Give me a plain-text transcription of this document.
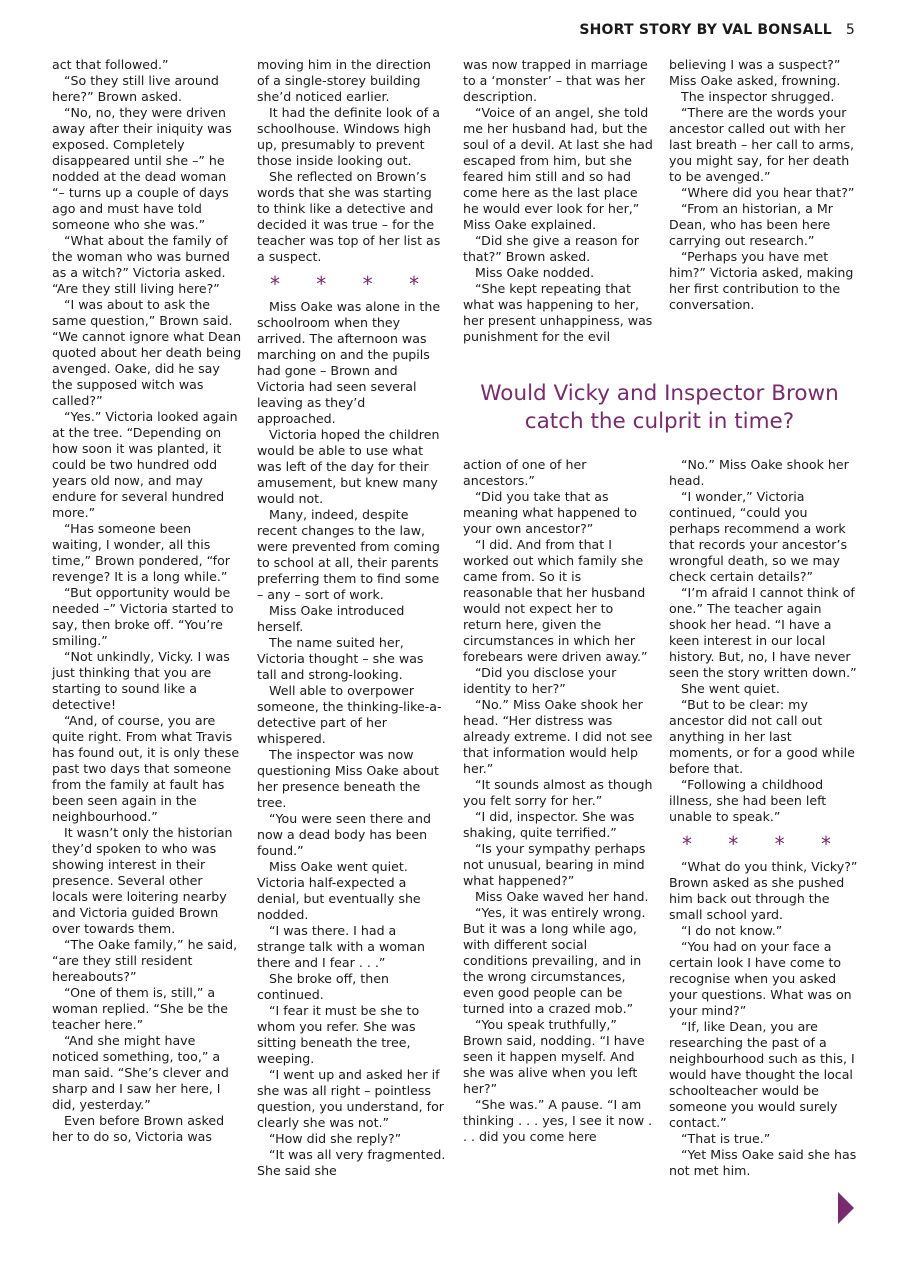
SHORT STORY BY VAL BONSALL 5

act that followed.”

“So they still live around here?” Brown asked.

“No, no, they were driven away after their iniquity was exposed. Completely disappeared until she –” he nodded at the dead woman “– turns up a couple of days ago and must have told someone who she was.”

“What about the family of the woman who was burned as a witch?” Victoria asked. “Are they still living here?”

“I was about to ask the same question,” Brown said. “We cannot ignore what Dean quoted about her death being avenged. Oake, did he say the supposed witch was called?”

“Yes.” Victoria looked again at the tree. “Depending on how soon it was planted, it could be two hundred odd years old now, and may endure for several hundred more.”

“Has someone been waiting, I wonder, all this time,” Brown pondered, “for revenge? It is a long while.”

“But opportunity would be needed –” Victoria started to say, then broke off. “You’re smiling.”

“Not unkindly, Vicky. I was just thinking that you are starting to sound like a detective!

“And, of course, you are quite right. From what Travis has found out, it is only these past two days that someone from the family at fault has been seen again in the neighbourhood.”

It wasn’t only the historian they’d spoken to who was showing interest in their presence. Several other locals were loitering nearby and Victoria guided Brown over towards them.

“The Oake family,” he said, “are they still resident hereabouts?”

“One of them is, still,” a woman replied. “She be the teacher here.”

“And she might have noticed something, too,” a man said. “She’s clever and sharp and I saw her here, I did, yesterday.”

Even before Brown asked her to do so, Victoria was

moving him in the direction of a single-storey building she’d noticed earlier.

It had the definite look of a schoolhouse. Windows high up, presumably to prevent those inside looking out.

She reflected on Brown’s words that she was starting to think like a detective and decided it was true – for the teacher was top of her list as a suspect.

* * * *

Miss Oake was alone in the schoolroom when they arrived. The afternoon was marching on and the pupils had gone – Brown and Victoria had seen several leaving as they’d approached.

Victoria hoped the children would be able to use what was left of the day for their amusement, but knew many would not.

Many, indeed, despite recent changes to the law, were prevented from coming to school at all, their parents preferring them to find some – any – sort of work.

Miss Oake introduced herself.

The name suited her, Victoria thought – she was tall and strong-looking.

Well able to overpower someone, the thinking-like-a-detective part of her whispered.

The inspector was now questioning Miss Oake about her presence beneath the tree.

“You were seen there and now a dead body has been found.”

Miss Oake went quiet. Victoria half-expected a denial, but eventually she nodded.

“I was there. I had a strange talk with a woman there and I fear . . .”

She broke off, then continued.

“I fear it must be she to whom you refer. She was sitting beneath the tree, weeping.

“I went up and asked her if she was all right – pointless question, you understand, for clearly she was not.”

“How did she reply?”

“It was all very fragmented. She said she

was now trapped in marriage to a ‘monster’ – that was her description.

“Voice of an angel, she told me her husband had, but the soul of a devil. At last she had escaped from him, but she feared him still and so had come here as the last place he would ever look for her,” Miss Oake explained.

“Did she give a reason for that?” Brown asked.

Miss Oake nodded.

“She kept repeating that what was happening to her, her present unhappiness, was punishment for the evil

believing I was a suspect?” Miss Oake asked, frowning.

The inspector shrugged.

“There are the words your ancestor called out with her last breath – her call to arms, you might say, for her death to be avenged.”

“Where did you hear that?”

“From an historian, a Mr Dean, who has been here carrying out research.”

“Perhaps you have met him?” Victoria asked, making her first contribution to the conversation.

Would Vicky and Inspector Brown catch the culprit in time?

action of one of her ancestors.”

“Did you take that as meaning what happened to your own ancestor?”

“I did. And from that I worked out which family she came from. So it is reasonable that her husband would not expect her to return here, given the circumstances in which her forebears were driven away.”

“Did you disclose your identity to her?”

“No.” Miss Oake shook her head. “Her distress was already extreme. I did not see that information would help her.”

“It sounds almost as though you felt sorry for her.”

“I did, inspector. She was shaking, quite terrified.”

“Is your sympathy perhaps not unusual, bearing in mind what happened?”

Miss Oake waved her hand.

“Yes, it was entirely wrong. But it was a long while ago, with different social conditions prevailing, and in the wrong circumstances, even good people can be turned into a crazed mob.”

“You speak truthfully,” Brown said, nodding. “I have seen it happen myself. And she was alive when you left her?”

“She was.” A pause. “I am thinking . . . yes, I see it now . . . did you come here

“No.” Miss Oake shook her head.

“I wonder,” Victoria continued, “could you perhaps recommend a work that records your ancestor’s wrongful death, so we may check certain details?”

“I’m afraid I cannot think of one.” The teacher again shook her head. “I have a keen interest in our local history. But, no, I have never seen the story written down.”

She went quiet.

“But to be clear: my ancestor did not call out anything in her last moments, or for a good while before that.

“Following a childhood illness, she had been left unable to speak.”

* * * *

“What do you think, Vicky?” Brown asked as she pushed him back out through the small school yard.

“I do not know.”

“You had on your face a certain look I have come to recognise when you asked your questions. What was on your mind?”

“If, like Dean, you are researching the past of a neighbourhood such as this, I would have thought the local schoolteacher would be someone you would surely contact.”

“That is true.”

“Yet Miss Oake said she has not met him.
